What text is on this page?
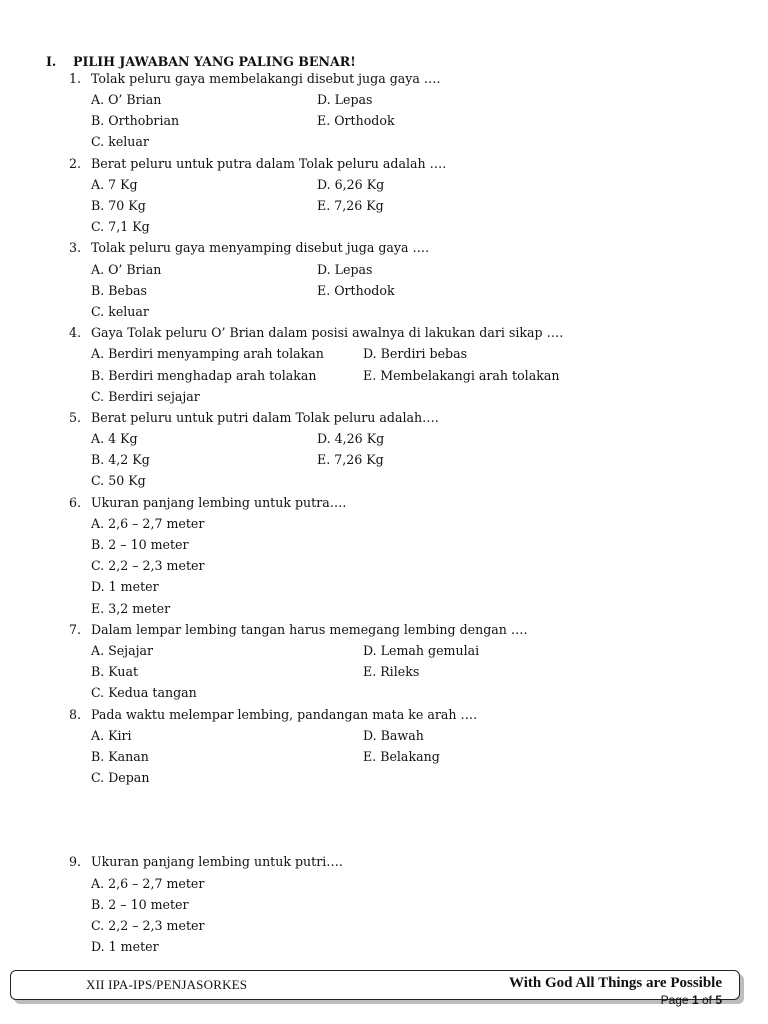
I. PILIH JAWABAN YANG PALING BENAR!
1. Tolak peluru gaya membelakangi disebut juga gaya ….
A. O’ Brian
B. Orthobrian
C. keluar
D. Lepas
E. Orthodok
2. Berat peluru untuk putra dalam Tolak peluru adalah ….
A. 7 Kg
B. 70 Kg
C. 7,1 Kg
D. 6,26 Kg
E. 7,26 Kg
3. Tolak peluru gaya menyamping disebut juga gaya ….
A. O’ Brian
B. Bebas
C. keluar
D. Lepas
E. Orthodok
4. Gaya Tolak peluru O’ Brian dalam posisi awalnya di lakukan dari sikap ….
A. Berdiri menyamping arah tolakan
B. Berdiri menghadap arah tolakan
C. Berdiri sejajar
D. Berdiri bebas
E. Membelakangi arah tolakan
5. Berat peluru untuk putri dalam Tolak peluru adalah….
A. 4 Kg
B. 4,2 Kg
C. 50 Kg
D. 4,26 Kg
E. 7,26 Kg
6. Ukuran panjang lembing untuk putra….
A. 2,6 – 2,7 meter
B. 2 – 10 meter
C. 2,2 – 2,3 meter
D. 1 meter
E. 3,2 meter
7. Dalam lempar lembing tangan harus memegang lembing dengan ….
A. Sejajar
B. Kuat
C. Kedua tangan
D. Lemah gemulai
E. Rileks
8. Pada waktu melempar lembing, pandangan mata ke arah ….
A. Kiri
B. Kanan
C. Depan
D. Bawah
E. Belakang
9. Ukuran panjang lembing untuk putri….
A. 2,6 – 2,7 meter
B. 2 – 10 meter
C. 2,2 – 2,3 meter
D. 1 meter
XII IPA-IPS/PENJASORKES	With God All Things are Possible
Page 1 of 5
